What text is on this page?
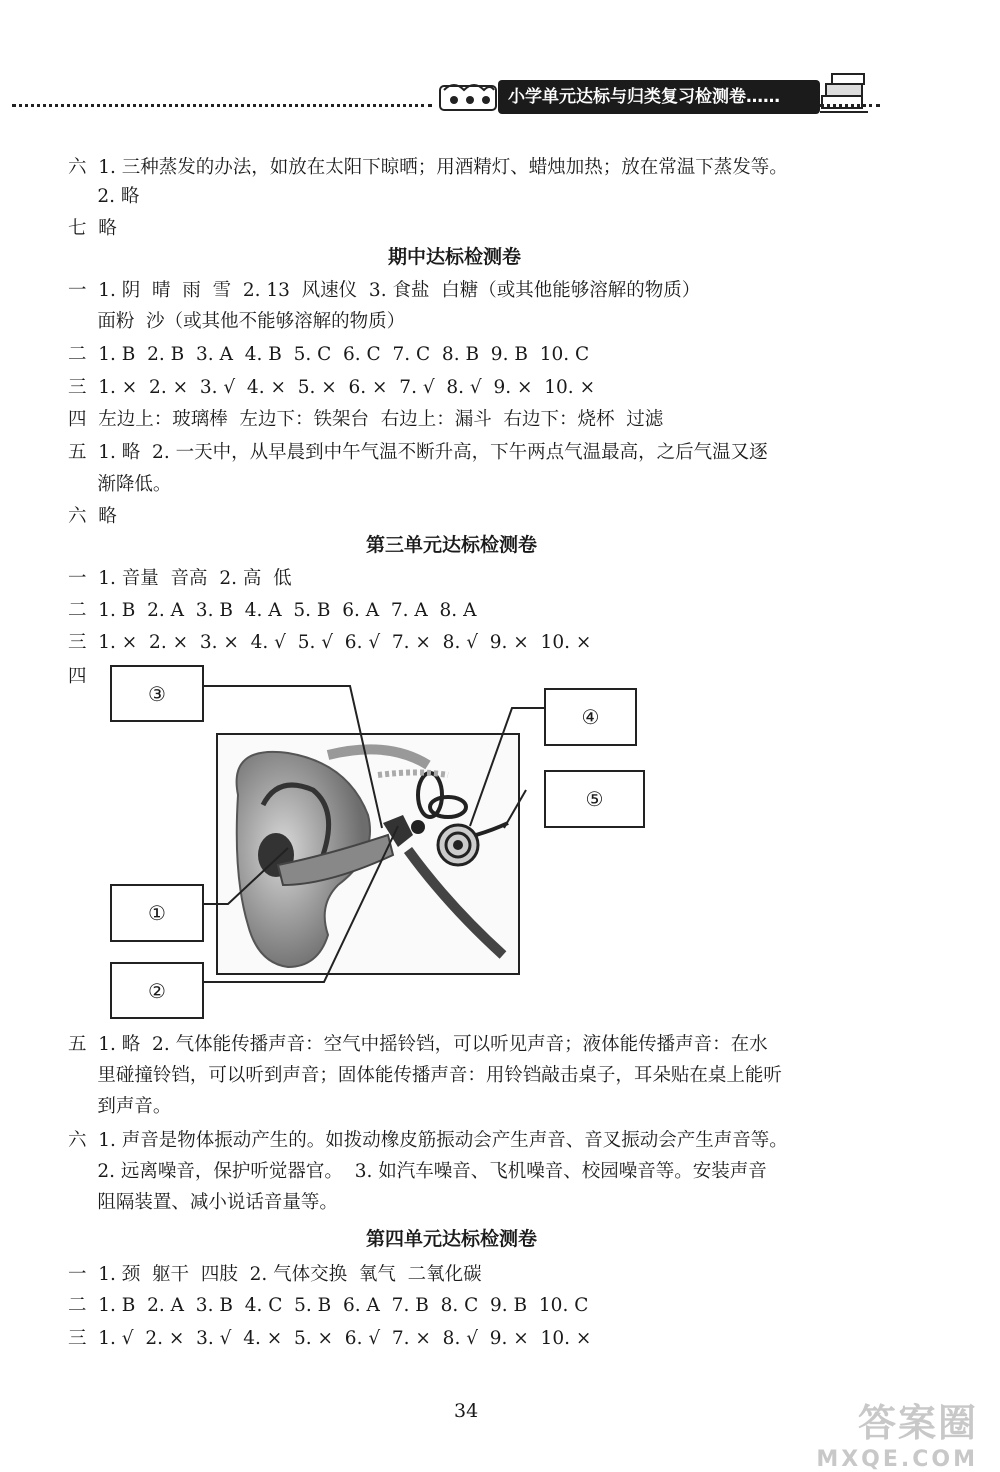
小学单元达标与归类复习检测卷……
六  1. 三种蒸发的办法，如放在太阳下晾晒；用酒精灯、蜡烛加热；放在常温下蒸发等。
2. 略
七  略
期中达标检测卷
一  1. 阴  晴  雨  雪  2. 13  风速仪  3. 食盐  白糖（或其他能够溶解的物质）
面粉  沙（或其他不能够溶解的物质）
二  1. B  2. B  3. A  4. B  5. C  6. C  7. C  8. B  9. B  10. C
三  1. ×  2. ×  3. √  4. ×  5. ×  6. ×  7. √  8. √  9. ×  10. ×
四  左边上：玻璃棒  左边下：铁架台  右边上：漏斗  右边下：烧杯  过滤
五  1. 略  2. 一天中，从早晨到中午气温不断升高，下午两点气温最高，之后气温又逐
渐降低。
六  略
第三单元达标检测卷
一  1. 音量  音高  2. 高  低
二  1. B  2. A  3. B  4. A  5. B  6. A  7. A  8. A
三  1. ×  2. ×  3. ×  4. √  5. √  6. √  7. ×  8. √  9. ×  10. ×
四
③
④
⑤
①
②
五  1. 略  2. 气体能传播声音：空气中摇铃铛，可以听见声音；液体能传播声音：在水
里碰撞铃铛，可以听到声音；固体能传播声音：用铃铛敲击桌子，耳朵贴在桌上能听
到声音。
六  1. 声音是物体振动产生的。如拨动橡皮筋振动会产生声音、音叉振动会产生声音等。
2. 远离噪音，保护听觉器官。  3. 如汽车噪音、飞机噪音、校园噪音等。安装声音
阻隔装置、减小说话音量等。
第四单元达标检测卷
一  1. 颈  躯干  四肢  2. 气体交换  氧气  二氧化碳
二  1. B  2. A  3. B  4. C  5. B  6. A  7. B  8. C  9. B  10. C
三  1. √  2. ×  3. √  4. ×  5. ×  6. √  7. ×  8. √  9. ×  10. ×
34	答案圈
MXQE.COM
